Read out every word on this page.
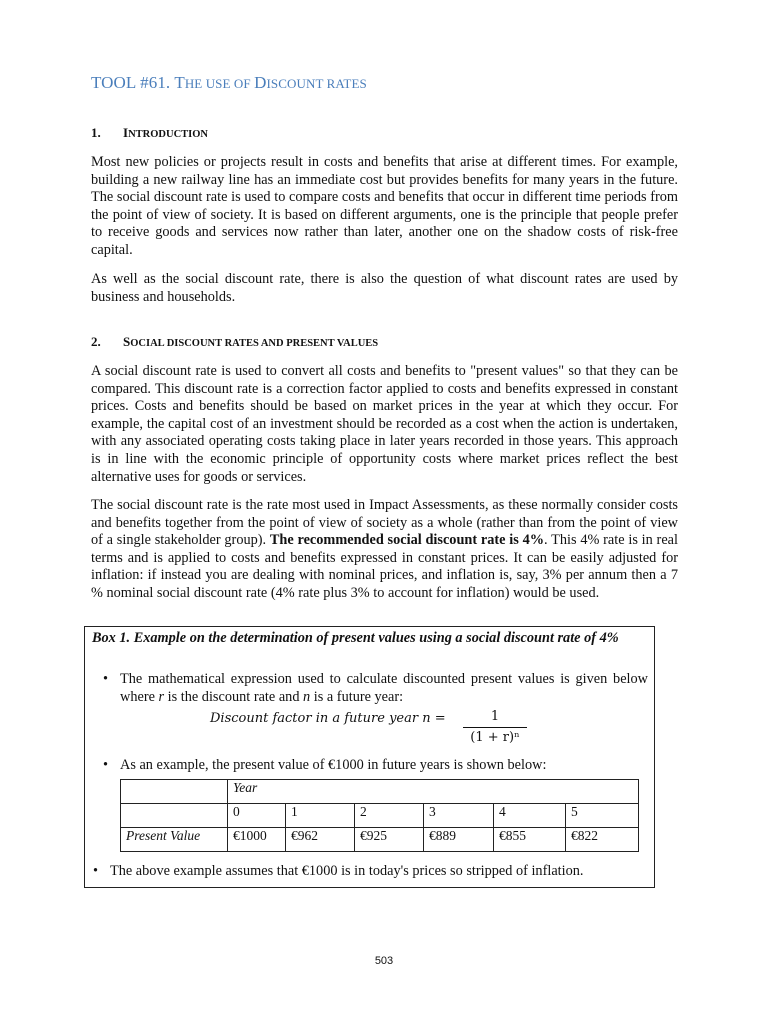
TOOL #61. THE USE OF DISCOUNT RATES
1. INTRODUCTION
Most new policies or projects result in costs and benefits that arise at different times. For example, building a new railway line has an immediate cost but provides benefits for many years in the future. The social discount rate is used to compare costs and benefits that occur in different time periods from the point of view of society. It is based on different arguments, one is the principle that people prefer to receive goods and services now rather than later, another one on the shadow costs of risk-free capital.
As well as the social discount rate, there is also the question of what discount rates are used by business and households.
2. SOCIAL DISCOUNT RATES AND PRESENT VALUES
A social discount rate is used to convert all costs and benefits to "present values" so that they can be compared. This discount rate is a correction factor applied to costs and benefits expressed in constant prices. Costs and benefits should be based on market prices in the year at which they occur. For example, the capital cost of an investment should be recorded as a cost when the action is undertaken, with any associated operating costs taking place in later years recorded in those years. This approach is in line with the economic principle of opportunity costs where market prices reflect the best alternative uses for goods or services.
The social discount rate is the rate most used in Impact Assessments, as these normally consider costs and benefits together from the point of view of society as a whole (rather than from the point of view of a single stakeholder group). The recommended social discount rate is 4%. This 4% rate is in real terms and is applied to costs and benefits expressed in constant prices. It can be easily adjusted for inflation: if instead you are dealing with nominal prices, and inflation is, say, 3% per annum then a 7 % nominal social discount rate (4% rate plus 3% to account for inflation) would be used.
Box 1. Example on the determination of present values using a social discount rate of 4%
• The mathematical expression used to calculate discounted present values is given below where r is the discount rate and n is a future year:
Discount factor in a future year n =	1
(1 + r)ⁿ
• As an example, the present value of €1000 in future years is shown below:
	Year					
	0	1	2	3	4	5
Present Value	€1000	€962	€925	€889	€855	€822
• The above example assumes that €1000 is in today's prices so stripped of inflation.
503
